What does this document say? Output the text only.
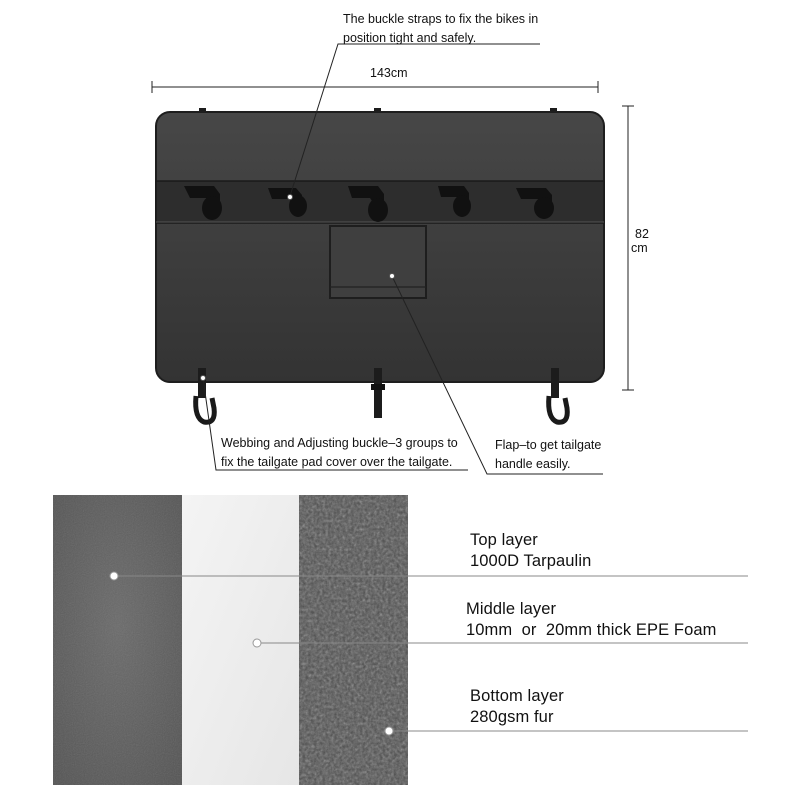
143cm
82
cm
The buckle straps to fix the bikes in
position tight and safely.
Webbing and Adjusting buckle–3 groups to
fix the tailgate pad cover over the tailgate.
Flap–to get tailgate
handle easily.
Top layer
1000D Tarpaulin
Middle layer
10mm  or  20mm thick EPE Foam
Bottom layer
280gsm fur
